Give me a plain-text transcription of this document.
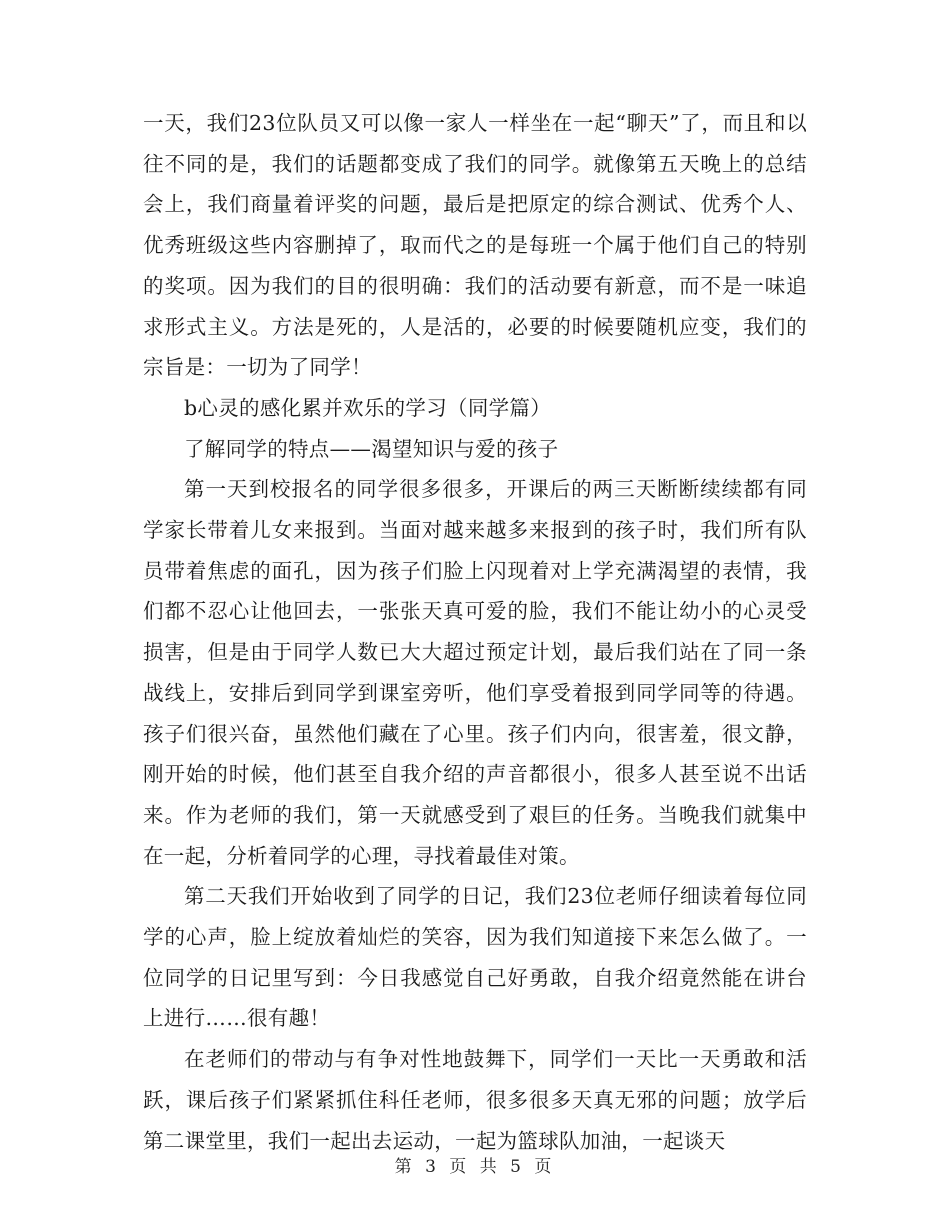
一天，我们23位队员又可以像一家人一样坐在一起“聊天”了，而且和以往不同的是，我们的话题都变成了我们的同学。就像第五天晚上的总结会上，我们商量着评奖的问题，最后是把原定的综合测试、优秀个人、优秀班级这些内容删掉了，取而代之的是每班一个属于他们自己的特别的奖项。因为我们的目的很明确：我们的活动要有新意，而不是一味追求形式主义。方法是死的，人是活的，必要的时候要随机应变，我们的宗旨是：一切为了同学！

b心灵的感化累并欢乐的学习（同学篇）

了解同学的特点——渴望知识与爱的孩子

第一天到校报名的同学很多很多，开课后的两三天断断续续都有同学家长带着儿女来报到。当面对越来越多来报到的孩子时，我们所有队员带着焦虑的面孔，因为孩子们脸上闪现着对上学充满渴望的表情，我们都不忍心让他回去，一张张天真可爱的脸，我们不能让幼小的心灵受损害，但是由于同学人数已大大超过预定计划，最后我们站在了同一条战线上，安排后到同学到课室旁听，他们享受着报到同学同等的待遇。孩子们很兴奋，虽然他们藏在了心里。孩子们内向，很害羞，很文静，刚开始的时候，他们甚至自我介绍的声音都很小，很多人甚至说不出话来。作为老师的我们，第一天就感受到了艰巨的任务。当晚我们就集中在一起，分析着同学的心理，寻找着最佳对策。

第二天我们开始收到了同学的日记，我们23位老师仔细读着每位同学的心声，脸上绽放着灿烂的笑容，因为我们知道接下来怎么做了。一位同学的日记里写到：今日我感觉自己好勇敢，自我介绍竟然能在讲台上进行……很有趣！

在老师们的带动与有争对性地鼓舞下，同学们一天比一天勇敢和活跃，课后孩子们紧紧抓住科任老师，很多很多天真无邪的问题；放学后第二课堂里，我们一起出去运动，一起为篮球队加油，一起谈天

第 3 页 共 5 页
